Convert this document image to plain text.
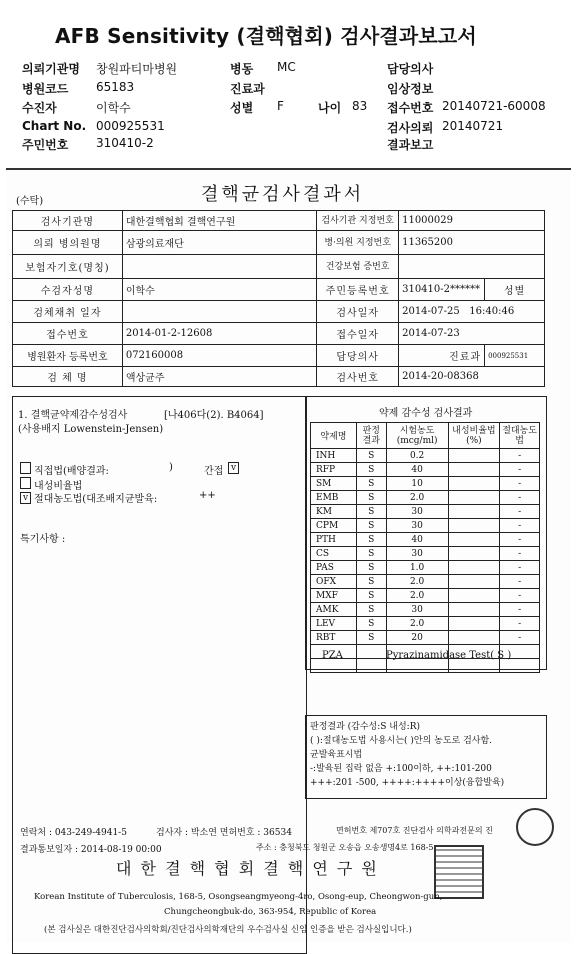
AFB Sensitivity (결핵협회) 검사결과보고서
의뢰기관명 창원파티마병원	병동 MC	담당의사
병원코드 65183	진료과	임상정보
수진자	이학수	성별 F	나이 83 접수번호 20140721-60008
Chart No. 000925531	검사의뢰 20140721
주민번호 310410-2	결과보고
(수탁)	결핵균검사결과서
검사기관명	대한결핵협회 결핵연구원	검사기관 지정번호	11000029	
의뢰 병의원명	삼광의료재단	병·의원 지정번호	11365200	
보험자기호(명칭)		건강보험 증번호		
수검자성명	이학수	주민등록번호	310410-2******	성별
검체채취 일자		검사일자	2014-07-25 16:40:46	
접수번호	2014-01-2-12608	접수일자	2014-07-23	
병원환자 등록번호	072160008	담당의사	진료과	000925531
검 체 명	액상균주	검사번호	2014-20-08368	
1. 결핵균약제감수성검사	[나406다(2). B4064]
(사용배지 Lowenstein-Jensen)
직접법(배양결과:	)	간접 v
내성비율법
v 절대농도법(대조배지균발육:	++
특기사항 :
약제 감수성 검사결과
약제명	판정결과	시험농도(mcg/ml)	내성비율법(%)	절대농도법
INH	S	0.2		-
RFP	S	40		-
SM	S	10		-
EMB	S	2.0		-
KM	S	30		-
CPM	S	30		-
PTH	S	40		-
CS	S	30		-
PAS	S	1.0		-
OFX	S	2.0		-
MXF	S	2.0		-
AMK	S	30		-
LEV	S	2.0		-
RBT	S	20		-

PZA	Pyrazinamidase Test( S )
판정결과 (감수성:S 내성:R)
( ):절대농도법 사용시는( )안의 농도로 검사함.
균발육표시법
-:발육된 집락 없음 +:100이하, ++:101-200
+++:201 -500, ++++:++++이상(융합발육)
연락처 : 043-249-4941-5	검사자 : 박소연 면허번호 : 36534	면허번호 제707호 진단검사 의학과전문의 진
결과통보일자 : 2014-08-19 00:00	주소 : 충청북도 청원군 오송읍 오송생명4로 168-5
대 한 결 핵 협 회 결 핵 연 구 원
Korean Institute of Tuberculosis, 168-5, Osongseangmyeong-4ro, Osong-eup, Cheongwon-gun,
Chungcheongbuk-do, 363-954, Republic of Korea
(본 검사실은 대한진단검사의학회/진단검사의학재단의 우수검사실 신임 인증을 받은 검사실입니다.)
